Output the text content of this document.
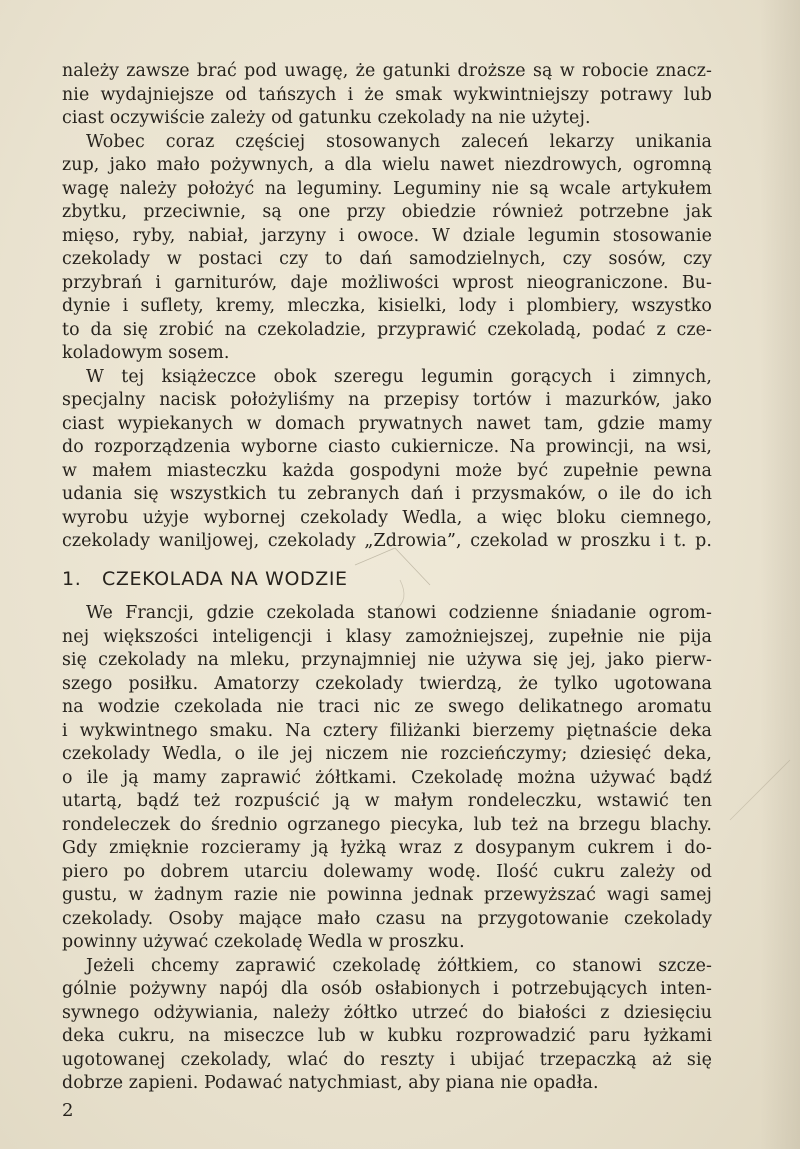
należy zawsze brać pod uwagę, że gatunki droższe są w robocie znacz-
nie wydajniejsze od tańszych i że smak wykwintniejszy potrawy lub
ciast oczywiście zależy od gatunku czekolady na nie użytej.
Wobec coraz częściej stosowanych zaleceń lekarzy unikania
zup, jako mało pożywnych, a dla wielu nawet niezdrowych, ogromną
wagę należy położyć na leguminy. Leguminy nie są wcale artykułem
zbytku, przeciwnie, są one przy obiedzie również potrzebne jak
mięso, ryby, nabiał, jarzyny i owoce. W dziale legumin stosowanie
czekolady w postaci czy to dań samodzielnych, czy sosów, czy
przybrań i garniturów, daje możliwości wprost nieograniczone. Bu-
dynie i suflety, kremy, mleczka, kisielki, lody i plombiery, wszystko
to da się zrobić na czekoladzie, przyprawić czekoladą, podać z cze-
koladowym sosem.
W tej książeczce obok szeregu legumin gorących i zimnych,
specjalny nacisk położyliśmy na przepisy tortów i mazurków, jako
ciast wypiekanych w domach prywatnych nawet tam, gdzie mamy
do rozporządzenia wyborne ciasto cukiernicze. Na prowincji, na wsi,
w małem miasteczku każda gospodyni może być zupełnie pewna
udania się wszystkich tu zebranych dań i przysmaków, o ile do ich
wyrobu użyje wybornej czekolady Wedla, a więc bloku ciemnego,
czekolady waniljowej, czekolady „Zdrowia”, czekolad w proszku i t. p.
1. CZEKOLADA NA WODZIE
We Francji, gdzie czekolada stanowi codzienne śniadanie ogrom-
nej większości inteligencji i klasy zamożniejszej, zupełnie nie pija
się czekolady na mleku, przynajmniej nie używa się jej, jako pierw-
szego posiłku. Amatorzy czekolady twierdzą, że tylko ugotowana
na wodzie czekolada nie traci nic ze swego delikatnego aromatu
i wykwintnego smaku. Na cztery filiżanki bierzemy piętnaście deka
czekolady Wedla, o ile jej niczem nie rozcieńczymy; dziesięć deka,
o ile ją mamy zaprawić żółtkami. Czekoladę można używać bądź
utartą, bądź też rozpuścić ją w małym rondeleczku, wstawić ten
rondeleczek do średnio ogrzanego piecyka, lub też na brzegu blachy.
Gdy zmięknie rozcieramy ją łyżką wraz z dosypanym cukrem i do-
piero po dobrem utarciu dolewamy wodę. Ilość cukru zależy od
gustu, w żadnym razie nie powinna jednak przewyższać wagi samej
czekolady. Osoby mające mało czasu na przygotowanie czekolady
powinny używać czekoladę Wedla w proszku.
Jeżeli chcemy zaprawić czekoladę żółtkiem, co stanowi szcze-
gólnie pożywny napój dla osób osłabionych i potrzebujących inten-
sywnego odżywiania, należy żółtko utrzeć do białości z dziesięciu
deka cukru, na miseczce lub w kubku rozprowadzić paru łyżkami
ugotowanej czekolady, wlać do reszty i ubijać trzepaczką aż się
dobrze zapieni. Podawać natychmiast, aby piana nie opadła.
2
